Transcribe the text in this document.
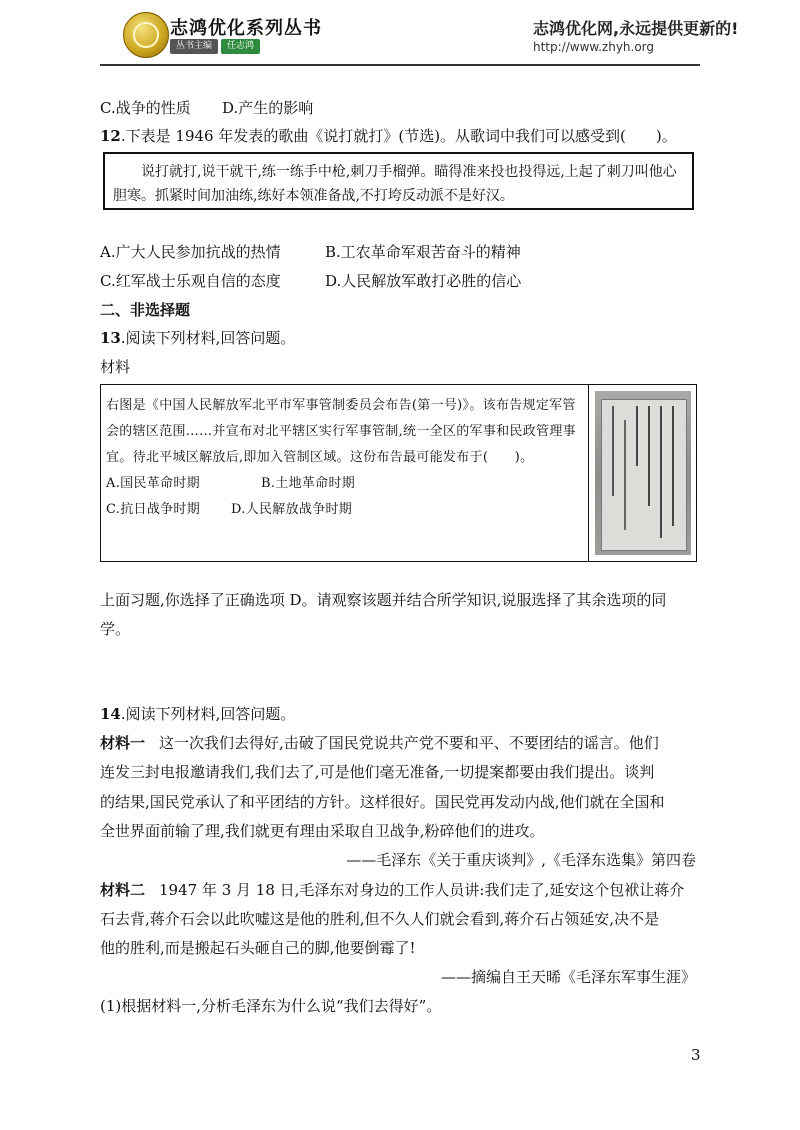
志鸿优化系列丛书
丛书主编	任志鸿
志鸿优化网,永远提供更新的!
http://www.zhyh.org
C.战争的性质 D.产生的影响
12.下表是 1946 年发表的歌曲《说打就打》(节选)。从歌词中我们可以感受到(　　)。

说打就打,说干就干,练一练手中枪,刺刀手榴弹。瞄得准来投也投得远,上起了刺刀叫他心胆寒。抓紧时间加油练,练好本领准备战,不打垮反动派不是好汉。

A.广大人民参加抗战的热情	B.工农革命军艰苦奋斗的精神
C.红军战士乐观自信的态度	D.人民解放军敢打必胜的信心
二、非选择题
13.阅读下列材料,回答问题。
材料
右图是《中国人民解放军北平市军事管制委员会布告(第一号)》。该布告规定军管会的辖区范围……并宣布对北平辖区实行军事管制,统一全区的军事和民政管理事宜。待北平城区解放后,即加入管制区域。这份布告最可能发布于(　　)。
A.国民革命时期	B.土地革命时期
C.抗日战争时期 D.人民解放战争时期
上面习题,你选择了正确选项 D。请观察该题并结合所学知识,说服选择了其余选项的同
学。
14.阅读下列材料,回答问题。
材料一 这一次我们去得好,击破了国民党说共产党不要和平、不要团结的谣言。他们
连发三封电报邀请我们,我们去了,可是他们毫无准备,一切提案都要由我们提出。谈判
的结果,国民党承认了和平团结的方针。这样很好。国民党再发动内战,他们就在全国和
全世界面前输了理,我们就更有理由采取自卫战争,粉碎他们的进攻。
——毛泽东《关于重庆谈判》,《毛泽东选集》第四卷
材料二 1947 年 3 月 18 日,毛泽东对身边的工作人员讲:我们走了,延安这个包袱让蒋介
石去背,蒋介石会以此吹嘘这是他的胜利,但不久人们就会看到,蒋介石占领延安,决不是
他的胜利,而是搬起石头砸自己的脚,他要倒霉了!
——摘编自王天晞《毛泽东军事生涯》
(1)根据材料一,分析毛泽东为什么说“我们去得好”。
3
